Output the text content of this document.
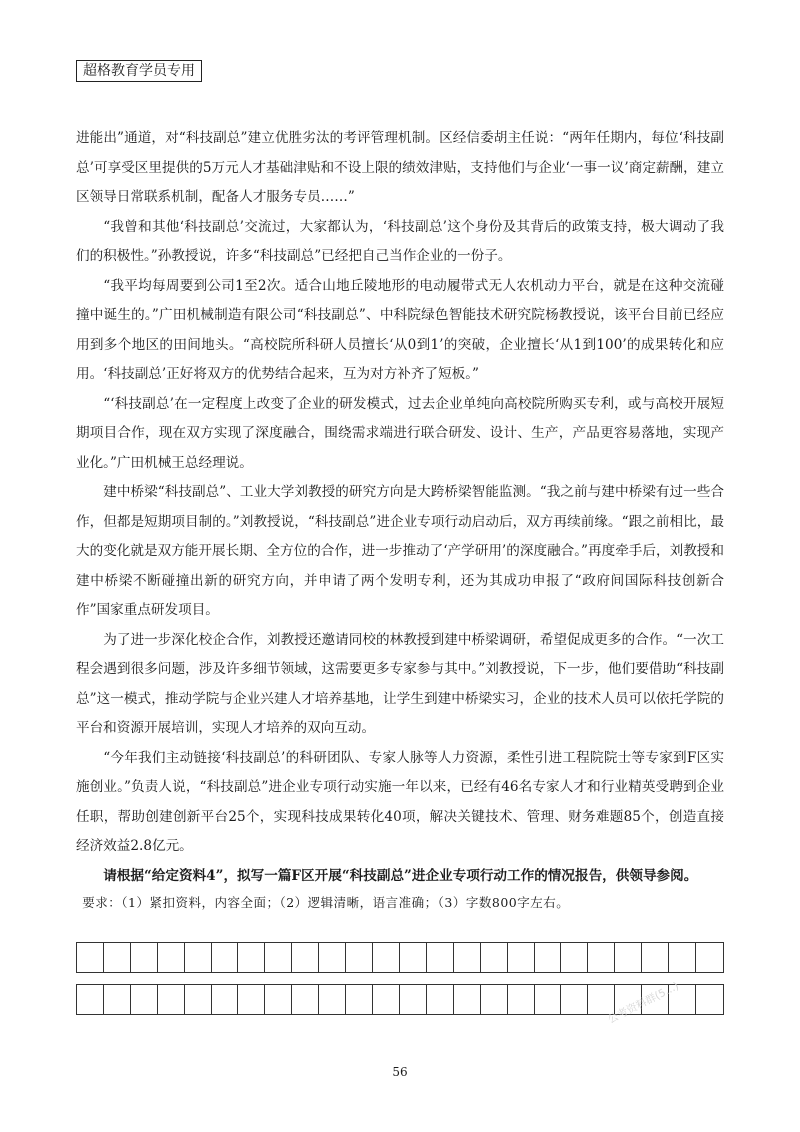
超格教育学员专用

进能出”通道，对“科技副总”建立优胜劣汰的考评管理机制。区经信委胡主任说：“两年任期内，每位‘科技副总’可享受区里提供的5万元人才基础津贴和不设上限的绩效津贴，支持他们与企业‘一事一议’商定薪酬，建立区领导日常联系机制，配备人才服务专员……”

“我曾和其他‘科技副总’交流过，大家都认为，‘科技副总’这个身份及其背后的政策支持，极大调动了我们的积极性。”孙教授说，许多“科技副总”已经把自己当作企业的一份子。

“我平均每周要到公司1至2次。适合山地丘陵地形的电动履带式无人农机动力平台，就是在这种交流碰撞中诞生的。”广田机械制造有限公司“科技副总”、中科院绿色智能技术研究院杨教授说，该平台目前已经应用到多个地区的田间地头。“高校院所科研人员擅长‘从0到1’的突破，企业擅长‘从1到100’的成果转化和应用。‘科技副总’正好将双方的优势结合起来，互为对方补齐了短板。”

“‘科技副总’在一定程度上改变了企业的研发模式，过去企业单纯向高校院所购买专利，或与高校开展短期项目合作，现在双方实现了深度融合，围绕需求端进行联合研发、设计、生产，产品更容易落地，实现产业化。”广田机械王总经理说。

建中桥梁“科技副总”、工业大学刘教授的研究方向是大跨桥梁智能监测。“我之前与建中桥梁有过一些合作，但都是短期项目制的。”刘教授说，“科技副总”进企业专项行动启动后，双方再续前缘。“跟之前相比，最大的变化就是双方能开展长期、全方位的合作，进一步推动了‘产学研用’的深度融合。”再度牵手后，刘教授和建中桥梁不断碰撞出新的研究方向，并申请了两个发明专利，还为其成功申报了“政府间国际科技创新合作”国家重点研发项目。

为了进一步深化校企合作，刘教授还邀请同校的林教授到建中桥梁调研，希望促成更多的合作。“一次工程会遇到很多问题，涉及许多细节领域，这需要更多专家参与其中。”刘教授说，下一步，他们要借助“科技副总”这一模式，推动学院与企业兴建人才培养基地，让学生到建中桥梁实习，企业的技术人员可以依托学院的平台和资源开展培训，实现人才培养的双向互动。

“今年我们主动链接‘科技副总’的科研团队、专家人脉等人力资源，柔性引进工程院院士等专家到F区实施创业。”负责人说，“科技副总”进企业专项行动实施一年以来，已经有46名专家人才和行业精英受聘到企业任职，帮助创建创新平台25个，实现科技成果转化40项，解决关键技术、管理、财务难题85个，创造直接经济效益2.8亿元。

请根据“给定资料4”，拟写一篇F区开展“科技副总”进企业专项行动工作的情况报告，供领导参阅。

要求：（1）紧扣资料，内容全面；（2）逻辑清晰，语言准确；（3）字数800字左右。

公考资料群(5…)
56
